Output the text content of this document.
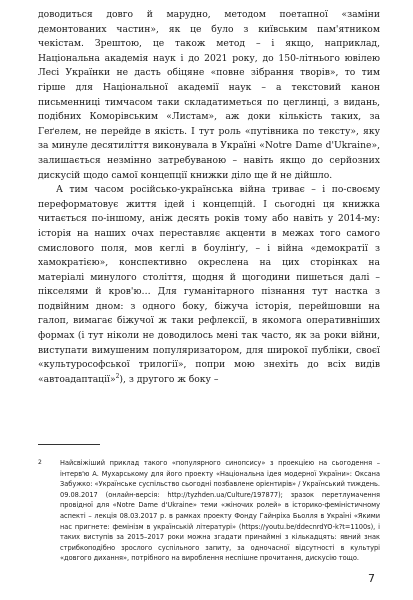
доводиться довго й марудно, методом поетапної «заміни демонтованих частин», як це було з київським пам'ятником чекістам. Зрештою, це також метод – і якщо, наприклад, Національна академія наук і до 2021 року, до 150-літнього ювілею Лесі Українки не дасть обіцяне «повне зібрання творів», то тим гірше для Національної академії наук – а текстовий канон письменниці тимчасом таки складатиметься по цеглинці, з видань, подібних Коморівським «Листам», аж доки кількість таких, за Геґелем, не перейде в якість. І тут роль «путівника по тексту», яку за минуле десятиліття виконувала в Україні «Notre Dame d'Ukraine», залишається незмінно затребуваною – навіть якщо до серйозних дискусій щодо самої концепції книжки діло ще й не дійшло.

А тим часом російсько-українська війна триває – і по-своєму переформатовує життя ідей і концепцій. І сьогодні ця книжка читається по-іншому, аніж десять років тому або навіть у 2014-му: історія на наших очах переставляє акценти в межах того самого смислового поля, мов кеглі в боулінґу, – і війна «демократії з хамократією», конспективно окреслена на цих сторінках на матеріалі минулого століття, щодня й щогодини пишеться далі – пікселями й кров'ю… Для гуманітарного пізнання тут настка з подвійним дном: з одного боку, біжуча історія, перейшовши на галоп, вимагає біжучої ж таки рефлексії, в якомога оперативніших формах (і тут ніколи не доводилось мені так часто, як за роки війни, виступати вимушеним популяризатором, для широкої публіки, своєї «культурософської трилогії», попри мою знехіть до всіх видів «автоадаптації»$^2$), з другого ж боку –

2	Найсвіжіший приклад такого «популярного синопсису» з проекцією на сьогодення – інтерв'ю А. Мухарському для його проекту «Національна ідея модерної України»: Оксана Забужко: «Українське суспільство сьогодні позбавлене орієнтирів» / Український тиждень. 09.08.2017 (онлайн-версія: http://tyzhden.ua/Culture/197877); зразок перетлумачення провідної для «Notre Dame d'Ukraine» теми «жіночих ролей» в історико-феміністичному аспекті – лекція 08.03.2017 р. в рамках проекту Фонду Гайнріха Бьолля в Україні «Якими нас пригнете: фемінізм в українській літературі» (https://youtu.be/ddecnrdYO-k?t=1100s), і таких виступів за 2015–2017 роки можна згадати принаймні з кількадцять: явний знак стрибкоподібно зрослого суспільного запиту, за одночасної відсутності в культурі «довгого дихання», потрібного на вироблення неспішне прочитання, дискусію тощо.
7
